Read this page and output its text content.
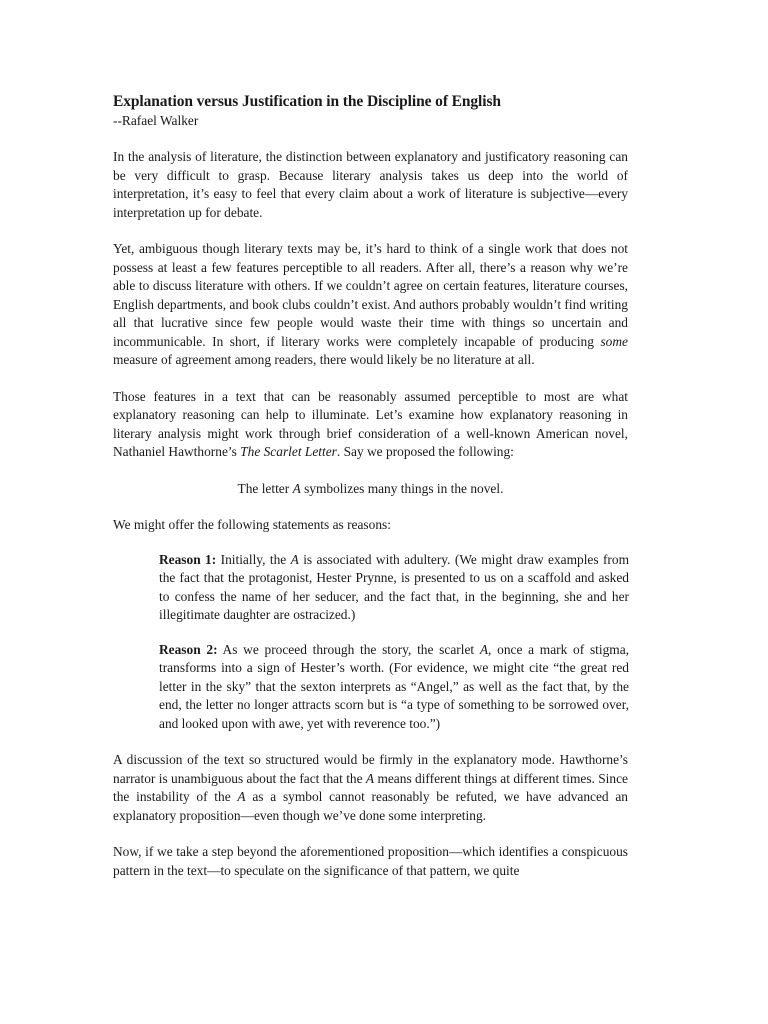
Explanation versus Justification in the Discipline of English
--Rafael Walker

In the analysis of literature, the distinction between explanatory and justificatory reasoning can be very difficult to grasp. Because literary analysis takes us deep into the world of interpretation, it’s easy to feel that every claim about a work of literature is subjective—every interpretation up for debate.

Yet, ambiguous though literary texts may be, it’s hard to think of a single work that does not possess at least a few features perceptible to all readers. After all, there’s a reason why we’re able to discuss literature with others. If we couldn’t agree on certain features, literature courses, English departments, and book clubs couldn’t exist. And authors probably wouldn’t find writing all that lucrative since few people would waste their time with things so uncertain and incommunicable. In short, if literary works were completely incapable of producing some measure of agreement among readers, there would likely be no literature at all.

Those features in a text that can be reasonably assumed perceptible to most are what explanatory reasoning can help to illuminate. Let’s examine how explanatory reasoning in literary analysis might work through brief consideration of a well-known American novel, Nathaniel Hawthorne’s The Scarlet Letter. Say we proposed the following:

The letter A symbolizes many things in the novel.

We might offer the following statements as reasons:

Reason 1: Initially, the A is associated with adultery. (We might draw examples from the fact that the protagonist, Hester Prynne, is presented to us on a scaffold and asked to confess the name of her seducer, and the fact that, in the beginning, she and her illegitimate daughter are ostracized.)
Reason 2: As we proceed through the story, the scarlet A, once a mark of stigma, transforms into a sign of Hester’s worth. (For evidence, we might cite “the great red letter in the sky” that the sexton interprets as “Angel,” as well as the fact that, by the end, the letter no longer attracts scorn but is “a type of something to be sorrowed over, and looked upon with awe, yet with reverence too.”)

A discussion of the text so structured would be firmly in the explanatory mode. Hawthorne’s narrator is unambiguous about the fact that the A means different things at different times. Since the instability of the A as a symbol cannot reasonably be refuted, we have advanced an explanatory proposition—even though we’ve done some interpreting.

Now, if we take a step beyond the aforementioned proposition—which identifies a conspicuous pattern in the text—to speculate on the significance of that pattern, we quite
